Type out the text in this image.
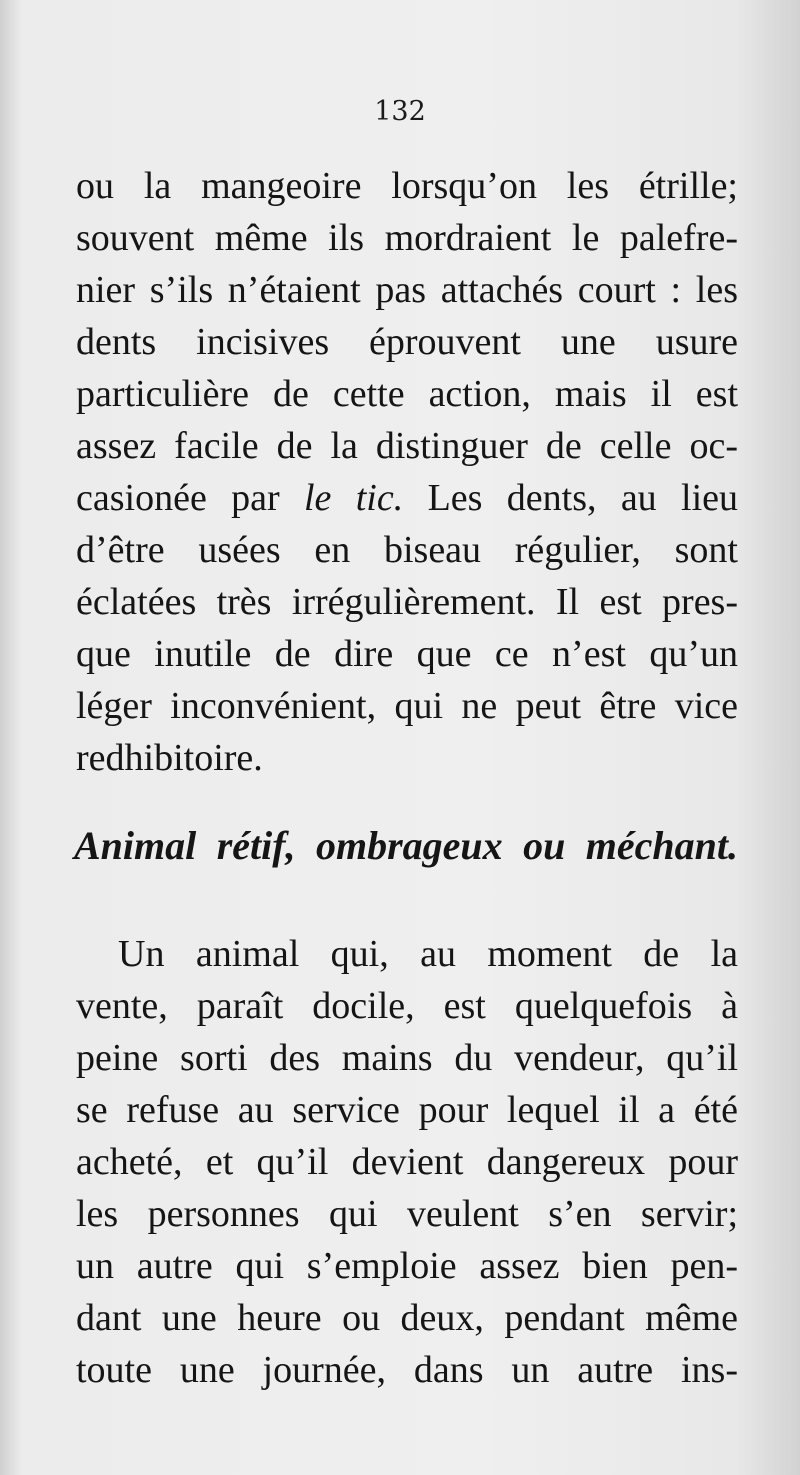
132

ou la mangeoire lorsqu’on les étrille;

souvent même ils mordraient le palefre-

nier s’ils n’étaient pas attachés court : les

dents incisives éprouvent une usure

particulière de cette action, mais il est

assez facile de la distinguer de celle oc-

casionée par le tic. Les dents, au lieu

d’être usées en biseau régulier, sont

éclatées très irrégulièrement. Il est pres-

que inutile de dire que ce n’est qu’un

léger inconvénient, qui ne peut être vice

redhibitoire.

Animal rétif, ombrageux ou méchant.

Un animal qui, au moment de la

vente, paraît docile, est quelquefois à

peine sorti des mains du vendeur, qu’il

se refuse au service pour lequel il a été

acheté, et qu’il devient dangereux pour

les personnes qui veulent s’en servir;

un autre qui s’emploie assez bien pen-

dant une heure ou deux, pendant même

toute une journée, dans un autre ins-
